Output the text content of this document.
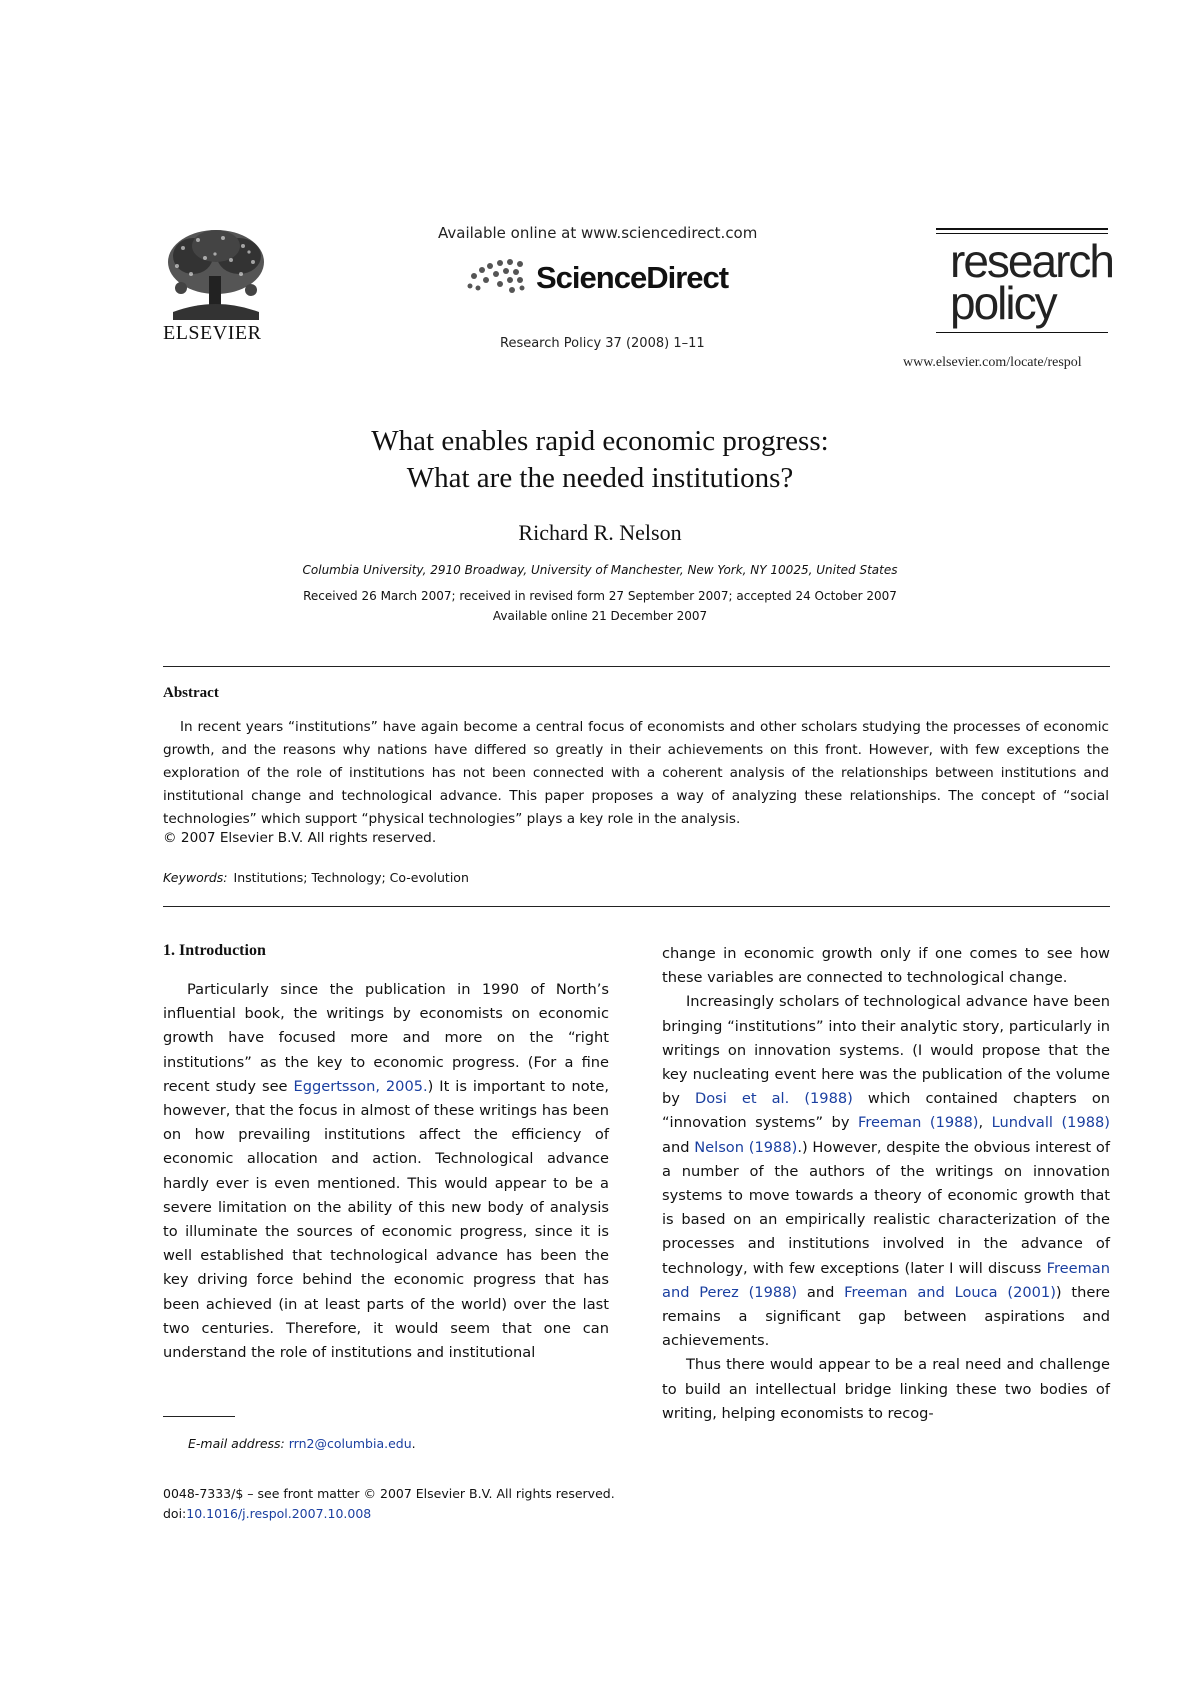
ELSEVIER
Available online at www.sciencedirect.com
ScienceDirect
Research Policy 37 (2008) 1–11
research
policy
www.elsevier.com/locate/respol
What enables rapid economic progress:
What are the needed institutions?
Richard R. Nelson
Columbia University, 2910 Broadway, University of Manchester, New York, NY 10025, United States
Received 26 March 2007; received in revised form 27 September 2007; accepted 24 October 2007
Available online 21 December 2007
Abstract

In recent years “institutions” have again become a central focus of economists and other scholars studying the processes of economic growth, and the reasons why nations have differed so greatly in their achievements on this front. However, with few exceptions the exploration of the role of institutions has not been connected with a coherent analysis of the relationships between institutions and institutional change and technological advance. This paper proposes a way of analyzing these relationships. The concept of “social technologies” which support “physical technologies” plays a key role in the analysis.

© 2007 Elsevier B.V. All rights reserved.
Keywords: Institutions; Technology; Co-evolution
1. Introduction

Particularly since the publication in 1990 of North’s influential book, the writings by economists on economic growth have focused more and more on the “right institutions” as the key to economic progress. (For a fine recent study see Eggertsson, 2005.) It is important to note, however, that the focus in almost of these writings has been on how prevailing institutions affect the efficiency of economic allocation and action. Technological advance hardly ever is even mentioned. This would appear to be a severe limitation on the ability of this new body of analysis to illuminate the sources of economic progress, since it is well established that technological advance has been the key driving force behind the economic progress that has been achieved (in at least parts of the world) over the last two centuries. Therefore, it would seem that one can understand the role of institutions and institutional

change in economic growth only if one comes to see how these variables are connected to technological change.

Increasingly scholars of technological advance have been bringing “institutions” into their analytic story, particularly in writings on innovation systems. (I would propose that the key nucleating event here was the publication of the volume by Dosi et al. (1988) which contained chapters on “innovation systems” by Freeman (1988), Lundvall (1988) and Nelson (1988).) However, despite the obvious interest of a number of the authors of the writings on innovation systems to move towards a theory of economic growth that is based on an empirically realistic characterization of the processes and institutions involved in the advance of technology, with few exceptions (later I will discuss Freeman and Perez (1988) and Freeman and Louca (2001)) there remains a significant gap between aspirations and achievements.

Thus there would appear to be a real need and challenge to build an intellectual bridge linking these two bodies of writing, helping economists to recog-

E-mail address: rrn2@columbia.edu.
0048-7333/$ – see front matter © 2007 Elsevier B.V. All rights reserved.
doi:10.1016/j.respol.2007.10.008
